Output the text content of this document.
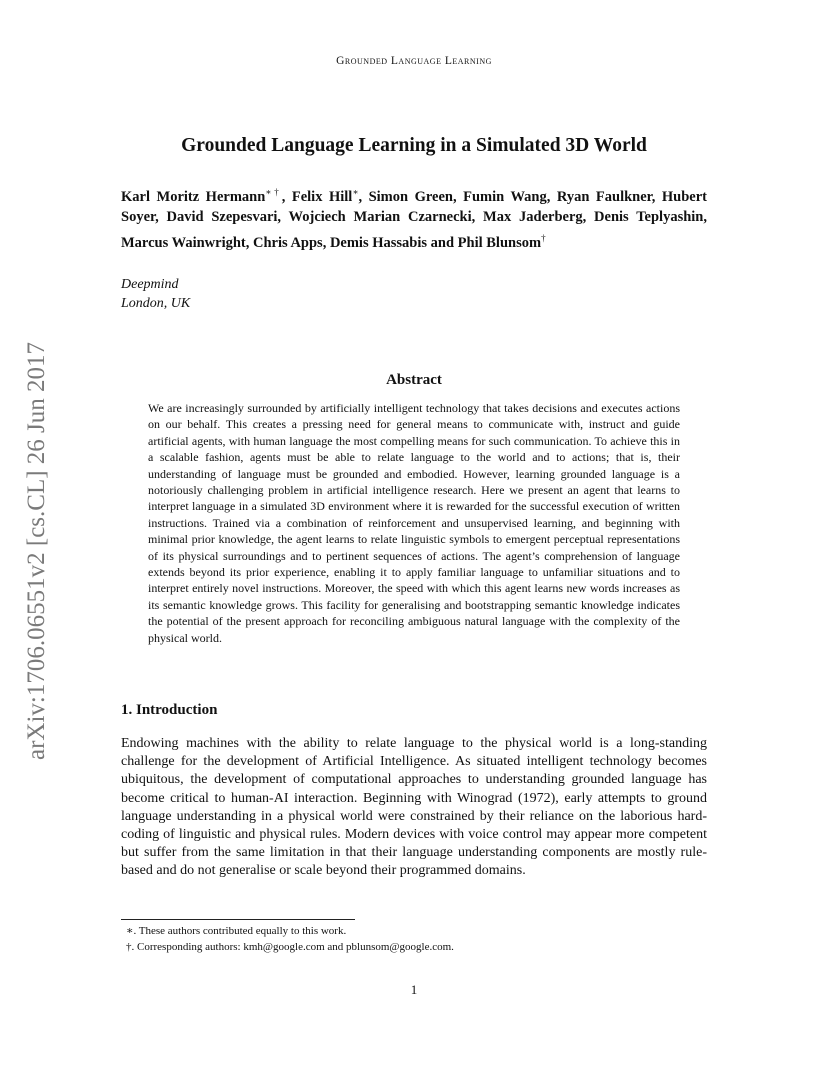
Grounded Language Learning
arXiv:1706.06551v2 [cs.CL] 26 Jun 2017
Grounded Language Learning in a Simulated 3D World
Karl Moritz Hermann∗†, Felix Hill∗, Simon Green, Fumin Wang, Ryan Faulkner, Hubert Soyer, David Szepesvari, Wojciech Marian Czarnecki, Max Jaderberg, Denis Teplyashin, Marcus Wainwright, Chris Apps, Demis Hassabis and Phil Blunsom†
Deepmind
London, UK
Abstract
We are increasingly surrounded by artificially intelligent technology that takes decisions and executes actions on our behalf. This creates a pressing need for general means to communicate with, instruct and guide artificial agents, with human language the most compelling means for such communication. To achieve this in a scalable fashion, agents must be able to relate language to the world and to actions; that is, their understanding of language must be grounded and embodied. However, learning grounded language is a notoriously challenging problem in artificial intelligence research. Here we present an agent that learns to interpret language in a simulated 3D environment where it is rewarded for the successful execution of written instructions. Trained via a combination of reinforcement and unsupervised learning, and beginning with minimal prior knowledge, the agent learns to relate linguistic symbols to emergent perceptual representations of its physical surroundings and to pertinent sequences of actions. The agent’s comprehension of language extends beyond its prior experience, enabling it to apply familiar language to unfamiliar situations and to interpret entirely novel instructions. Moreover, the speed with which this agent learns new words increases as its semantic knowledge grows. This facility for generalising and bootstrapping semantic knowledge indicates the potential of the present approach for reconciling ambiguous natural language with the complexity of the physical world.
1. Introduction
Endowing machines with the ability to relate language to the physical world is a long-standing challenge for the development of Artificial Intelligence. As situated intelligent technology becomes ubiquitous, the development of computational approaches to understanding grounded language has become critical to human-AI interaction. Beginning with Winograd (1972), early attempts to ground language understanding in a physical world were constrained by their reliance on the laborious hard-coding of linguistic and physical rules. Modern devices with voice control may appear more competent but suffer from the same limitation in that their language understanding components are mostly rule-based and do not generalise or scale beyond their programmed domains.
∗. These authors contributed equally to this work.
†. Corresponding authors: kmh@google.com and pblunsom@google.com.
1
